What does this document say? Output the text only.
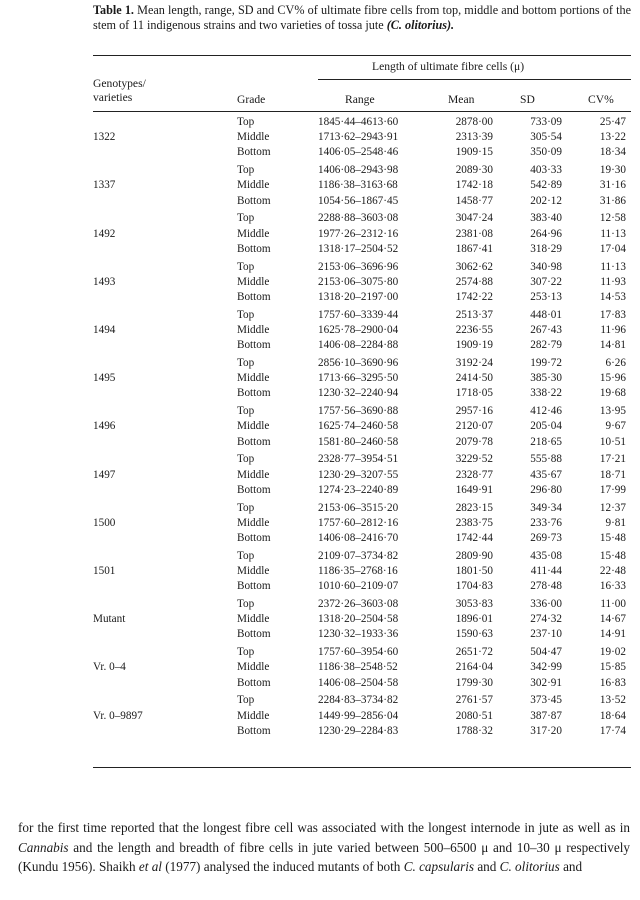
Table 1. Mean length, range, SD and CV% of ultimate fibre cells from top, middle and bottom portions of the stem of 11 indigenous strains and two varieties of tossa jute (C. olitorius).
Genotypes/
varieties
Length of ultimate fibre cells (μ)
Grade	Range	Mean	SD	CV%
1322
Top	1845·44–4613·60	2878·00	733·09	25·47
Middle	1713·62–2943·91	2313·39	305·54	13·22
Bottom	1406·05–2548·46	1909·15	350·09	18·34
1337
Top	1406·08–2943·98	2089·30	403·33	19·30
Middle	1186·38–3163·68	1742·18	542·89	31·16
Bottom	1054·56–1867·45	1458·77	202·12	31·86
1492
Top	2288·88–3603·08	3047·24	383·40	12·58
Middle	1977·26–2312·16	2381·08	264·96	11·13
Bottom	1318·17–2504·52	1867·41	318·29	17·04
1493
Top	2153·06–3696·96	3062·62	340·98	11·13
Middle	2153·06–3075·80	2574·88	307·22	11·93
Bottom	1318·20–2197·00	1742·22	253·13	14·53
1494
Top	1757·60–3339·44	2513·37	448·01	17·83
Middle	1625·78–2900·04	2236·55	267·43	11·96
Bottom	1406·08–2284·88	1909·19	282·79	14·81
1495
Top	2856·10–3690·96	3192·24	199·72	6·26
Middle	1713·66–3295·50	2414·50	385·30	15·96
Bottom	1230·32–2240·94	1718·05	338·22	19·68
1496
Top	1757·56–3690·88	2957·16	412·46	13·95
Middle	1625·74–2460·58	2120·07	205·04	9·67
Bottom	1581·80–2460·58	2079·78	218·65	10·51
1497
Top	2328·77–3954·51	3229·52	555·88	17·21
Middle	1230·29–3207·55	2328·77	435·67	18·71
Bottom	1274·23–2240·89	1649·91	296·80	17·99
1500
Top	2153·06–3515·20	2823·15	349·34	12·37
Middle	1757·60–2812·16	2383·75	233·76	9·81
Bottom	1406·08–2416·70	1742·44	269·73	15·48
1501
Top	2109·07–3734·82	2809·90	435·08	15·48
Middle	1186·35–2768·16	1801·50	411·44	22·48
Bottom	1010·60–2109·07	1704·83	278·48	16·33
Mutant
Top	2372·26–3603·08	3053·83	336·00	11·00
Middle	1318·20–2504·58	1896·01	274·32	14·67
Bottom	1230·32–1933·36	1590·63	237·10	14·91
Vr. 0–4
Top	1757·60–3954·60	2651·72	504·47	19·02
Middle	1186·38–2548·52	2164·04	342·99	15·85
Bottom	1406·08–2504·58	1799·30	302·91	16·83
Vr. 0–9897
Top	2284·83–3734·82	2761·57	373·45	13·52
Middle	1449·99–2856·04	2080·51	387·87	18·64
Bottom	1230·29–2284·83	1788·32	317·20	17·74
for the first time reported that the longest fibre cell was associated with the longest internode in jute as well as in Cannabis and the length and breadth of fibre cells in jute varied between 500–6500 μ and 10–30 μ respectively (Kundu 1956). Shaikh et al (1977) analysed the induced mutants of both C. capsularis and C. olitorius and
